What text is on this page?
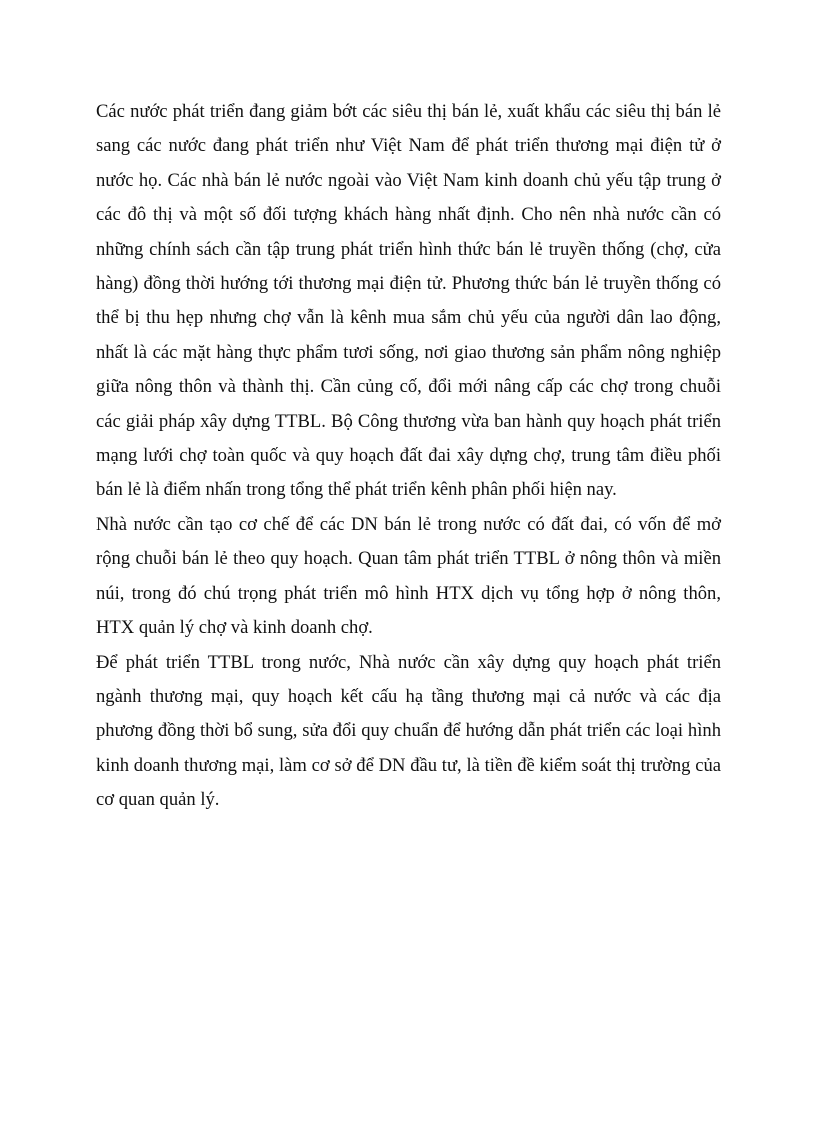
Các nước phát triển đang giảm bớt các siêu thị bán lẻ, xuất khẩu các siêu thị bán lẻ sang các nước đang phát triển như Việt Nam để phát triển thương mại điện tử ở nước họ. Các nhà bán lẻ nước ngoài vào Việt Nam kinh doanh chủ yếu tập trung ở các đô thị và một số đối tượng khách hàng nhất định. Cho nên nhà nước cần có những chính sách cần tập trung phát triển hình thức bán lẻ truyền thống (chợ, cửa hàng) đồng thời hướng tới thương mại điện tử. Phương thức bán lẻ truyền thống có thể bị thu hẹp nhưng chợ vẫn là kênh mua sắm chủ yếu của người dân lao động, nhất là các mặt hàng thực phẩm tươi sống, nơi giao thương sản phẩm nông nghiệp giữa nông thôn và thành thị. Cần củng cố, đổi mới nâng cấp các chợ trong chuỗi các giải pháp xây dựng TTBL. Bộ Công thương vừa ban hành quy hoạch phát triển mạng lưới chợ toàn quốc và quy hoạch đất đai xây dựng chợ, trung tâm điều phối bán lẻ là điểm nhấn trong tổng thể phát triển kênh phân phối hiện nay.

Nhà nước cần tạo cơ chế để các DN bán lẻ trong nước có đất đai, có vốn để mở rộng chuỗi bán lẻ theo quy hoạch. Quan tâm phát triển TTBL ở nông thôn và miền núi, trong đó chú trọng phát triển mô hình HTX dịch vụ tổng hợp ở nông thôn, HTX quản lý chợ và kinh doanh chợ.

Để phát triển TTBL trong nước, Nhà nước cần xây dựng quy hoạch phát triển ngành thương mại, quy hoạch kết cấu hạ tầng thương mại cả nước và các địa phương đồng thời bổ sung, sửa đổi quy chuẩn để hướng dẫn phát triển các loại hình kinh doanh thương mại, làm cơ sở để DN đầu tư, là tiền đề kiểm soát thị trường của cơ quan quản lý.
